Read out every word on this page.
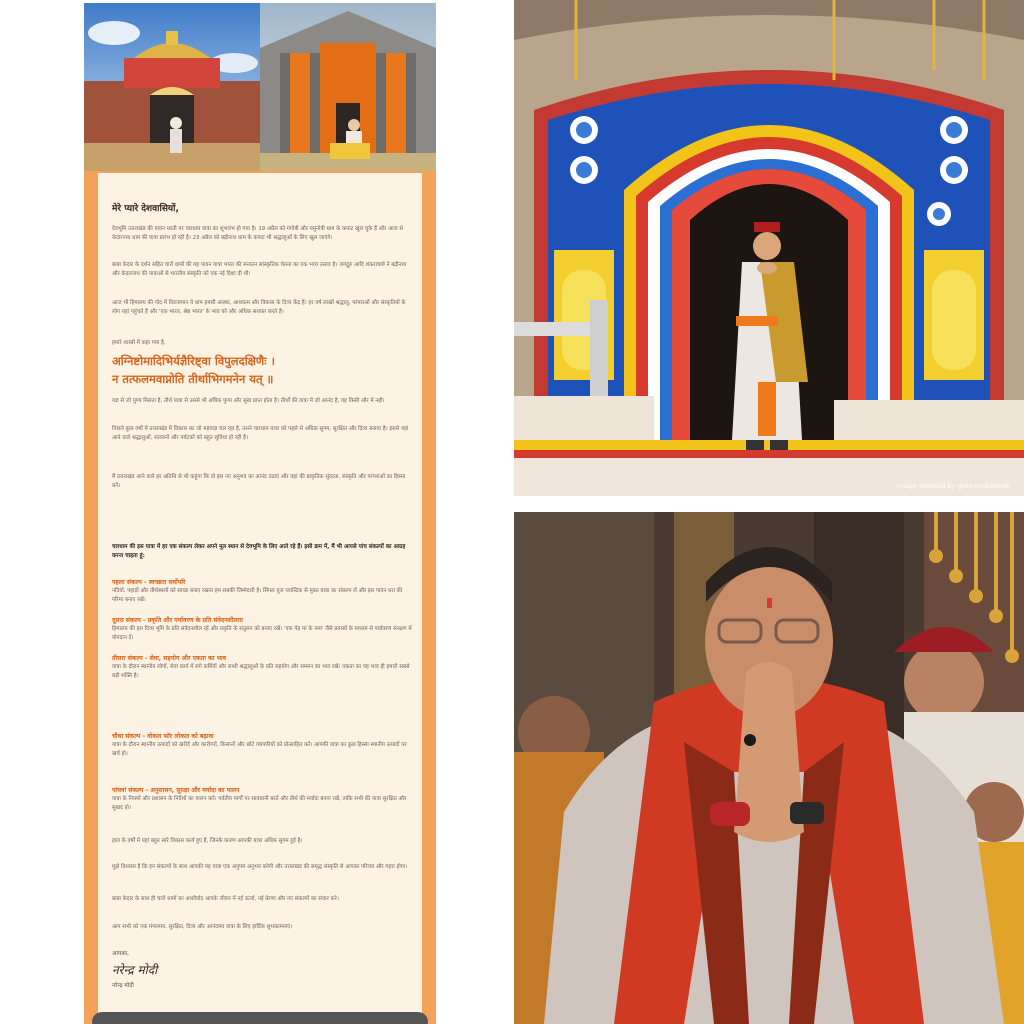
मेरे प्यारे देशवासियों,
देवभूमि उत्तराखंड की पावन धरती पर चारधाम यात्रा का शुभारंभ हो गया है। 19 अप्रैल को गंगोत्री और यमुनोत्री धाम के कपाट खुल चुके हैं और आज से केदारनाथ धाम की यात्रा प्रारंभ हो रही है। 23 अप्रैल को बद्रीनाथ धाम के कपाट भी श्रद्धालुओं के लिए खुल जाएंगे।
बाबा केदार के दर्शन सहित चारों धामों की यह पावन यात्रा भारत की सनातन सांस्कृतिक चेतना का एक भव्य उत्सव है। जगद्गुरु आदि शंकराचार्य ने बद्रीनाथ और केदारनाथ की यात्राओं से भारतीय संस्कृति को एक नई दिशा दी थी।
आज भी हिमालय की गोद में विराजमान ये धाम हमारी आस्था, आध्यात्म और विकास के दिव्य केंद्र हैं। हर वर्ष लाखों श्रद्धालु, परंपराओं और संस्कृतियों के लोग यहां पहुंचते हैं और 'एक भारत, श्रेष्ठ भारत' के भाव को और अधिक सशक्त करते हैं।
हमारे शास्त्रों में कहा गया है,
अग्निष्टोमादिभिर्यज्ञैरिष्ट्वा विपुलदक्षिणैः ।
न तत्फलमवाप्नोति तीर्थाभिगमनेन यत् ॥
यज्ञ से जो पुण्य मिलता है, तीर्थ यात्रा से उससे भी अधिक पुण्य और सुख प्राप्त होता है। तीर्थों की यात्रा में जो आनंद है, वह किसी और में नहीं।
पिछले कुछ वर्षों में उत्तराखंड में विकास का जो महायज्ञ चल रहा है, उसने चारधाम यात्रा को पहले से अधिक सुगम, सुरक्षित और दिव्य बनाया है। इससे यहां आने वाले श्रद्धालुओं, संतजनों और पर्यटकों को बहुत सुविधा हो रही है।
मैं उत्तराखंड आने वाले हर अतिथि से भी कहूंगा कि वो इस नए अनुभव का आनंद उठाएं और यहां की प्राकृतिक सुंदरता, संस्कृति और परंपराओं का हिस्सा बनें।
चारधाम की इस यात्रा में हर एक संकल्प लेकर अपने मूल स्थान से देवभूमि के लिए आते रहे हैं। इसी क्रम में, मैं भी आपसे पांच संकल्पों का आग्रह करना चाहता हूं:
पहला संकल्प - स्वच्छता सर्वोपरि
नदियों, पहाड़ों और तीर्थस्थलों को स्वच्छ बनाए रखना हम सबकी जिम्मेदारी है। सिंगल यूज प्लास्टिक से मुक्त यात्रा का संकल्प लें और इस पावन धरा की गरिमा बनाए रखें।
दूसरा संकल्प - प्रकृति और पर्यावरण के प्रति संवेदनशीलता
हिमालय की इस दिव्य भूमि के प्रति संवेदनशील रहें और प्रकृति के संतुलन को बनाए रखें। 'एक पेड़ मां के नाम' जैसे प्रयासों के माध्यम से पर्यावरण संरक्षण में योगदान दें।
तीसरा संकल्प - सेवा, सहयोग और एकता का भाव
यात्रा के दौरान स्थानीय लोगों, सेवा कार्य में लगे कर्मियों और साथी श्रद्धालुओं के प्रति सहयोग और सम्मान का भाव रखें। एकता का यह भाव ही हमारी सबसे बड़ी शक्ति है।
चौथा संकल्प - वोकल फॉर लोकल को बढ़ावा
यात्रा के दौरान स्थानीय उत्पादों को खरीदें और कारीगरों, किसानों और छोटे व्यापारियों को प्रोत्साहित करें। आपकी यात्रा का कुछ हिस्सा स्थानीय उत्पादों पर खर्च हो।
पांचवां संकल्प - अनुशासन, सुरक्षा और मर्यादा का पालन
यात्रा के नियमों और प्रशासन के निर्देशों का पालन करें। पर्वतीय मार्गों पर सावधानी बरतें और तीर्थ की मर्यादा बनाए रखें, ताकि सभी की यात्रा सुरक्षित और सुखद हो।
हाल के वर्षों में यहां बहुत सारे विकास कार्य हुए हैं, जिनके कारण आपकी यात्रा अधिक सुगम हुई है।
मुझे विश्वास है कि इन संकल्पों के साथ आपकी यह यात्रा एक अनुपम अनुभव बनेगी और उत्तराखंड की समृद्ध संस्कृति से आपका परिचय और गहरा होगा।
बाबा केदार के साथ ही चारों धामों का आशीर्वाद आपके जीवन में नई ऊर्जा, नई प्रेरणा और नए संकल्पों का संचार करे।
आप सभी को एक मंगलमय, सुरक्षित, दिव्य और आनंदमय यात्रा के लिए हार्दिक शुभकामनाएं।
आपका,
नरेन्द्र मोदी
नरेन्द्र मोदी
Image tweeted by @narendramodi
